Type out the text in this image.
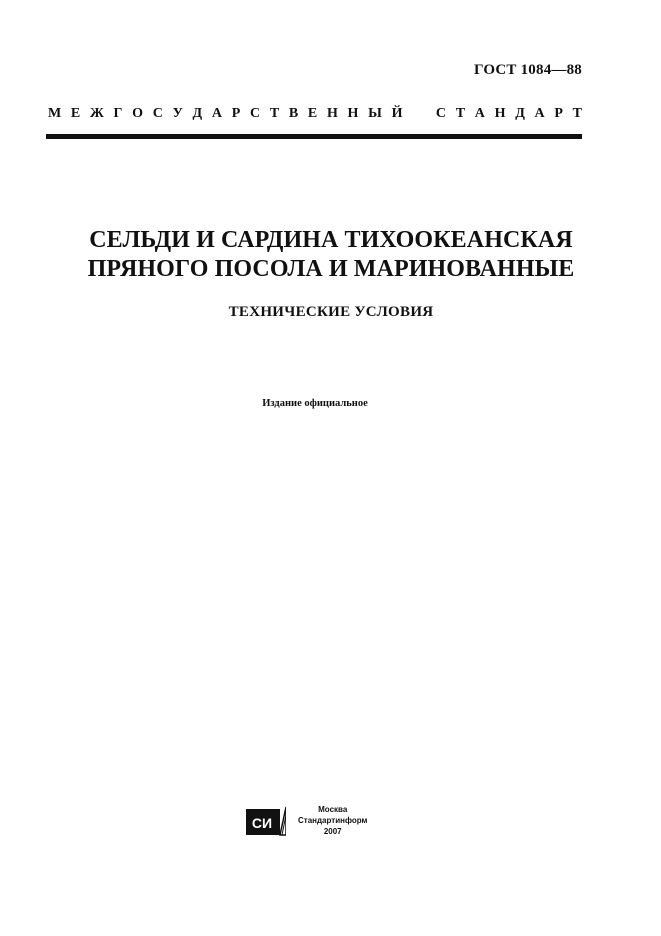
ГОСТ 1084—88
М Е Ж Г О С У Д А Р С Т В Е Н Н Ы Й С Т А Н Д А Р Т
СЕЛЬДИ И САРДИНА ТИХООКЕАНСКАЯ
ПРЯНОГО ПОСОЛА И МАРИНОВАННЫЕ
ТЕХНИЧЕСКИЕ УСЛОВИЯ
Издание официальное
СИ
Москва
Стандартинформ
2007
